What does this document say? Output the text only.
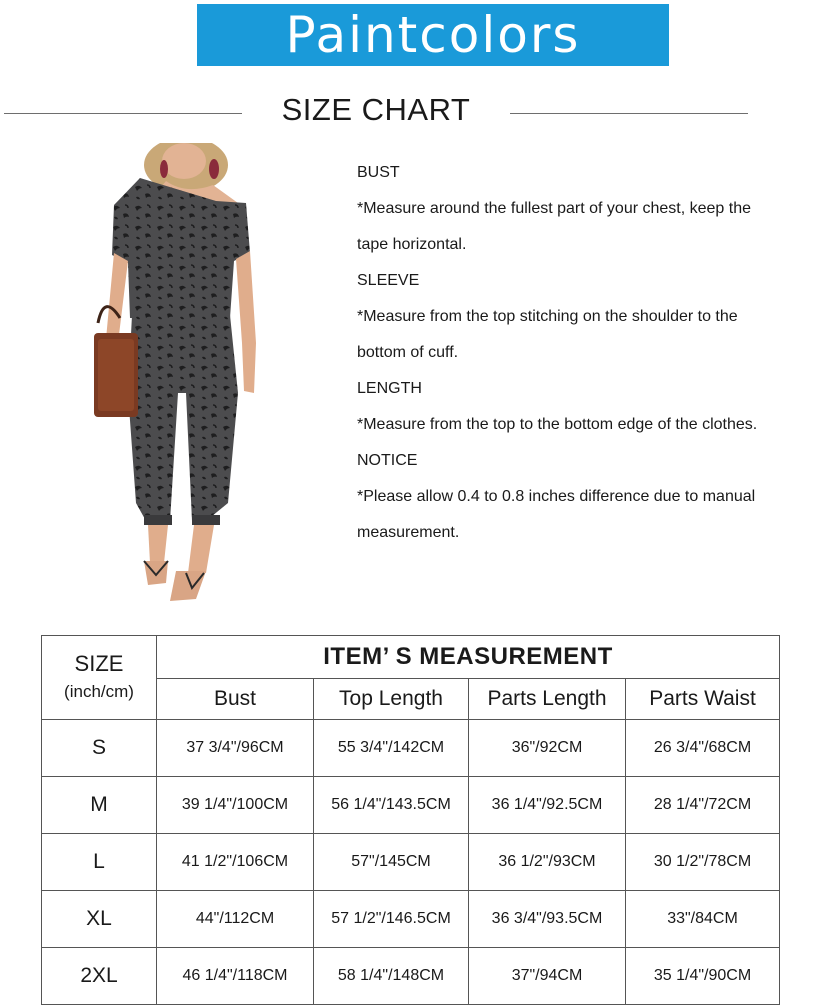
Paintcolors
SIZE CHART

BUST

*Measure around the fullest part of your chest, keep the

tape horizontal.

SLEEVE

*Measure from the top stitching on the shoulder to the

bottom of cuff.

LENGTH

*Measure from the top to the bottom edge of the clothes.

NOTICE

*Please allow 0.4 to 0.8 inches difference due to manual

measurement.

SIZE
(inch/cm)	ITEM’ S MEASUREMENT			
	Bust	Top Length	Parts Length	Parts Waist
S	37 3/4"/96CM	55 3/4"/142CM	36"/92CM	26 3/4"/68CM
M	39 1/4"/100CM	56 1/4"/143.5CM	36 1/4"/92.5CM	28 1/4"/72CM
L	41 1/2"/106CM	57"/145CM	36 1/2"/93CM	30 1/2"/78CM
XL	44"/112CM	57 1/2"/146.5CM	36 3/4"/93.5CM	33"/84CM
2XL	46 1/4"/118CM	58 1/4"/148CM	37"/94CM	35 1/4"/90CM
